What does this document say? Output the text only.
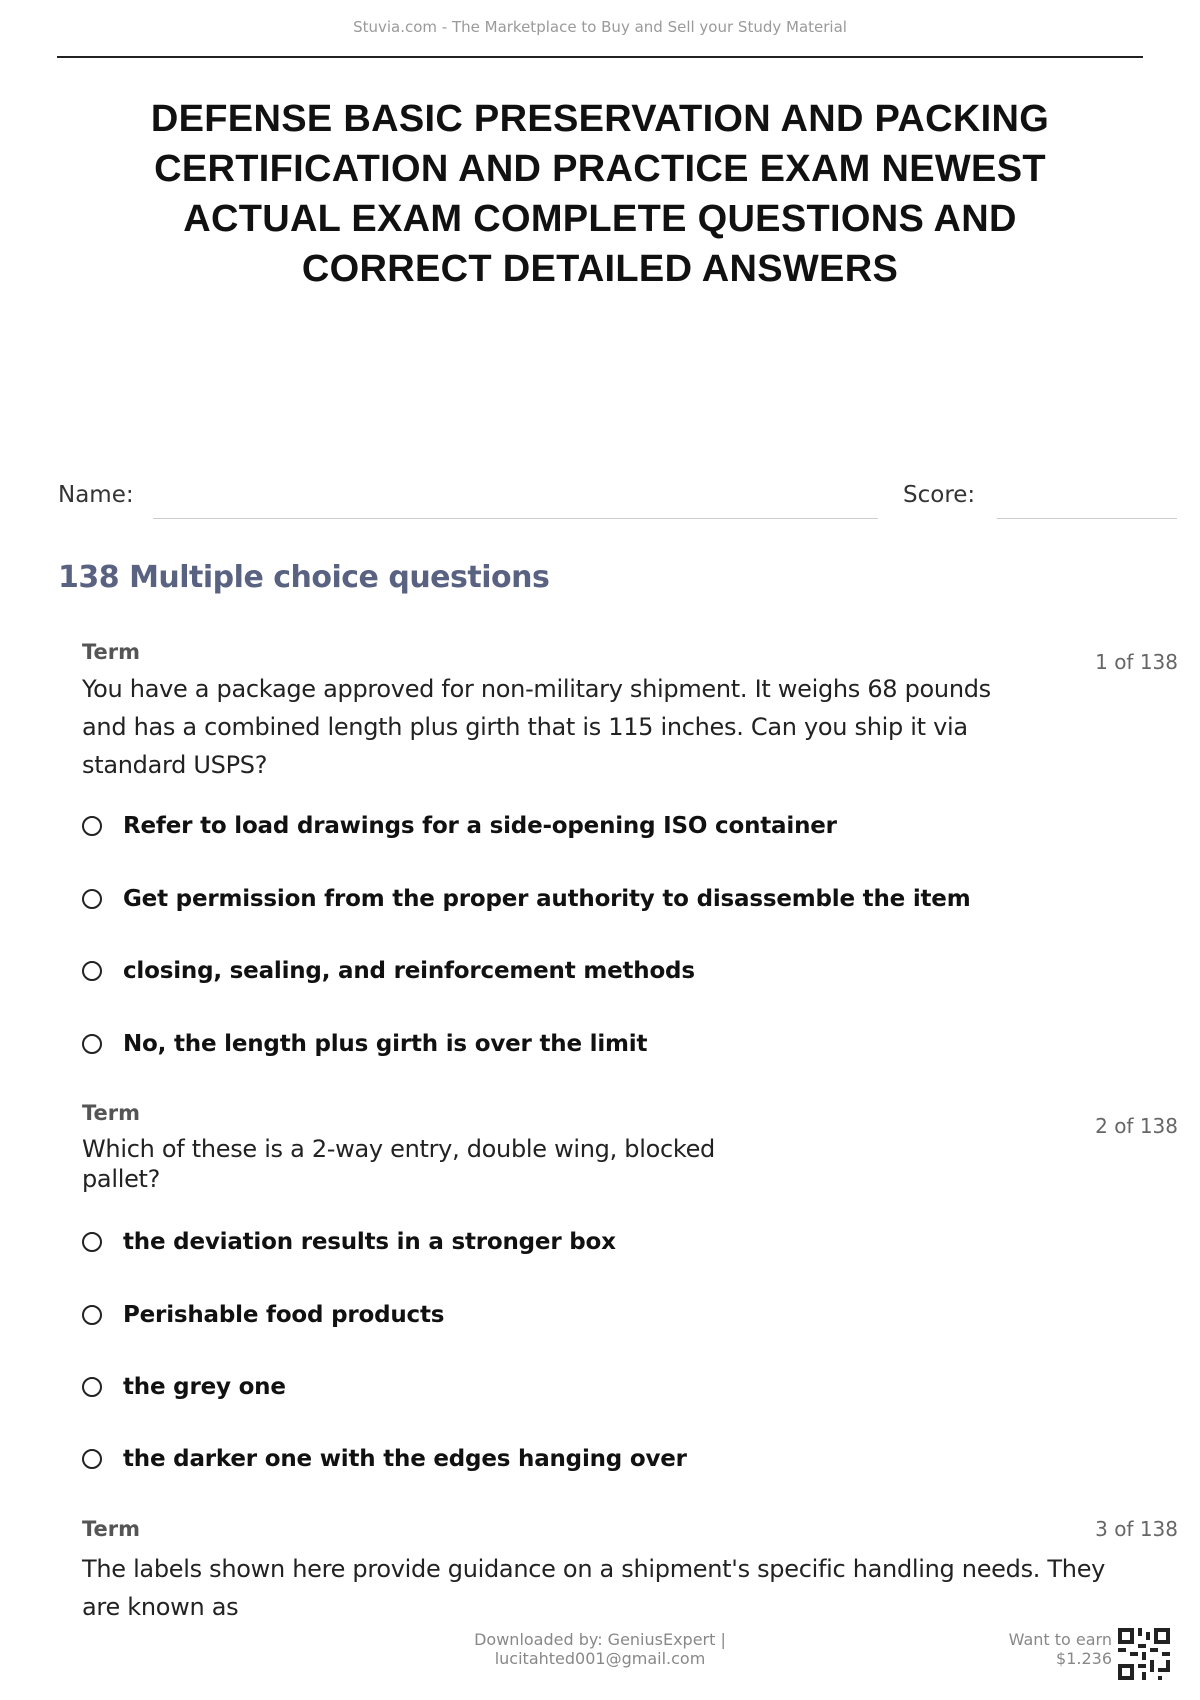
Stuvia.com - The Marketplace to Buy and Sell your Study Material
DEFENSE BASIC PRESERVATION AND PACKING CERTIFICATION AND PRACTICE EXAM NEWEST ACTUAL EXAM COMPLETE QUESTIONS AND CORRECT DETAILED ANSWERS
Name:	Score:
138 Multiple choice questions
Term	1 of 138
You have a package approved for non-military shipment. It weighs 68 pounds and has a combined length plus girth that is 115 inches. Can you ship it via standard USPS?
Refer to load drawings for a side-opening ISO container
Get permission from the proper authority to disassemble the item
closing, sealing, and reinforcement methods
No, the length plus girth is over the limit
Term
2 of 138
Which of these is a 2-way entry, double wing, blocked pallet?
the deviation results in a stronger box
Perishable food products
the grey one
the darker one with the edges hanging over
Term	3 of 138
The labels shown here provide guidance on a shipment's specific handling needs. They are known as
Downloaded by: GeniusExpert |
lucitahted001@gmail.com
Want to earn
$1.236
